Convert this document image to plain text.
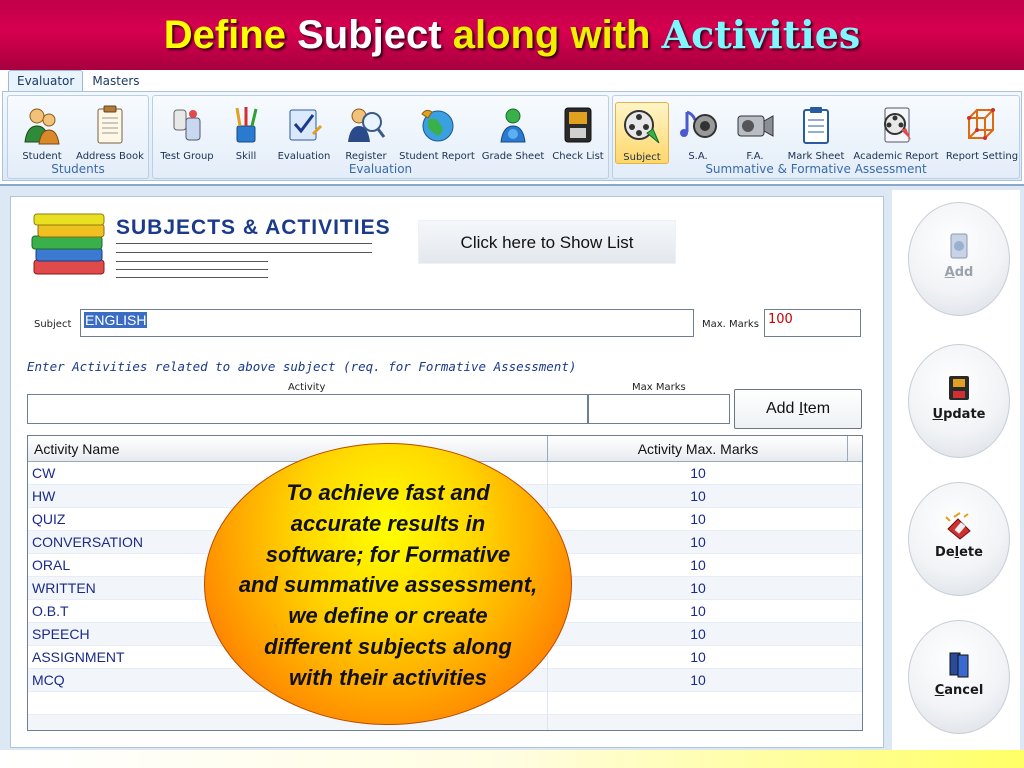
Define Subject along with Activities
Evaluator	Masters
Student	Address Book
Students
Test Group	Skill	Evaluation	Register	Student Report Grade Sheet Check List
Evaluation
Subject	S.A.	F.A.	Mark Sheet Academic Report Report Setting
Summative & Formative Assessment
SUBJECTS & ACTIVITIES
Click here to Show List
Subject ENGLISH	Max. Marks 100
Enter Activities related to above subject (req. for Formative Assessment)
Activity	Max Marks
Add Item
Activity Name	Activity Max. Marks
CW	10
HW	10
QUIZ	10
CONVERSATION	10
ORAL	10
WRITTEN	10
O.B.T	10
SPEECH	10
ASSIGNMENT	10
MCQ	10
To achieve fast and
accurate results in
software; for Formative
and summative assessment,
we define or create
different subjects along
with their activities
Add
Update
Delete
Cancel
